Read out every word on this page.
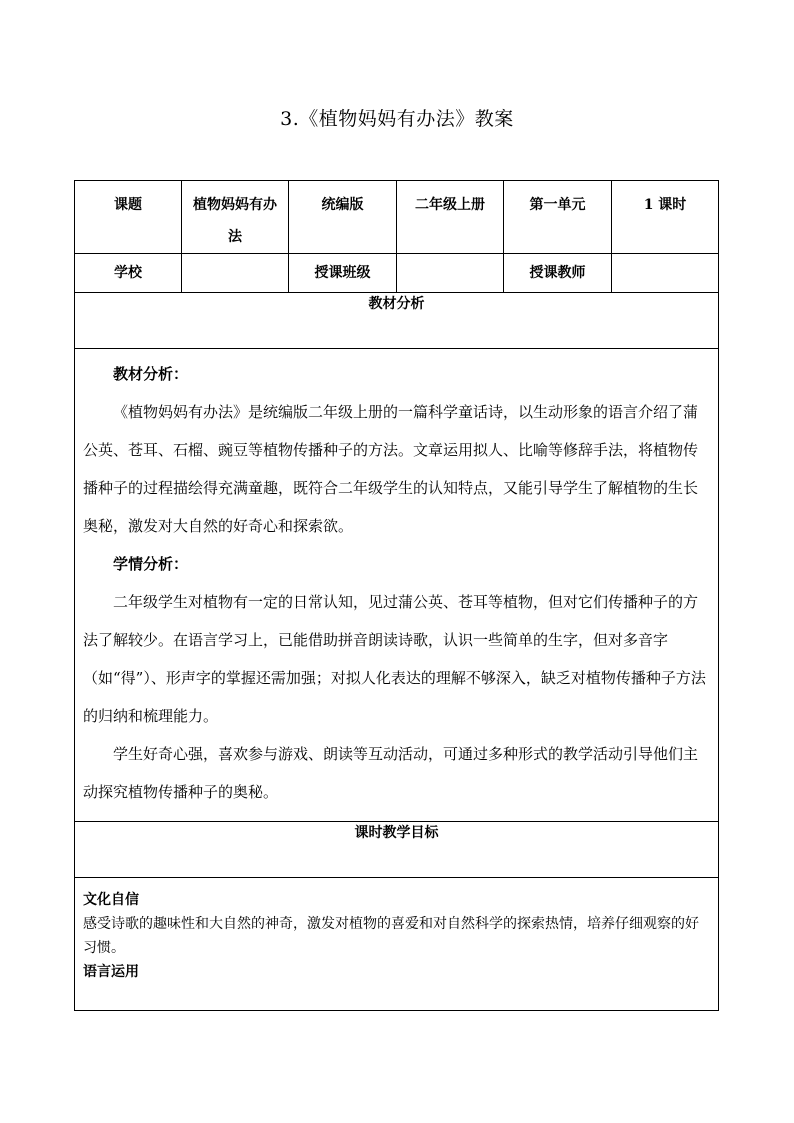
3.《植物妈妈有办法》教案
课题	植物妈妈有办法	统编版	二年级上册	第一单元	1 课时

学校		授课班级		授课教师	

教材分析					

教材分析：

《植物妈妈有办法》是统编版二年级上册的一篇科学童话诗，以生动形象的语言介绍了蒲公英、苍耳、石榴、豌豆等植物传播种子的方法。文章运用拟人、比喻等修辞手法，将植物传播种子的过程描绘得充满童趣，既符合二年级学生的认知特点，又能引导学生了解植物的生长奥秘，激发对大自然的好奇心和探索欲。

学情分析：

二年级学生对植物有一定的日常认知，见过蒲公英、苍耳等植物，但对它们传播种子的方法了解较少。在语言学习上，已能借助拼音朗读诗歌，认识一些简单的生字，但对多音字（如“得”）、形声字的掌握还需加强；对拟人化表达的理解不够深入，缺乏对植物传播种子方法的归纳和梳理能力。

学生好奇心强，喜欢参与游戏、朗读等互动活动，可通过多种形式的教学活动引导他们主动探究植物传播种子的奥秘。					

课时教学目标					

文化自信

感受诗歌的趣味性和大自然的神奇，激发对植物的喜爱和对自然科学的探索热情，培养仔细观察的好习惯。

语言运用					
